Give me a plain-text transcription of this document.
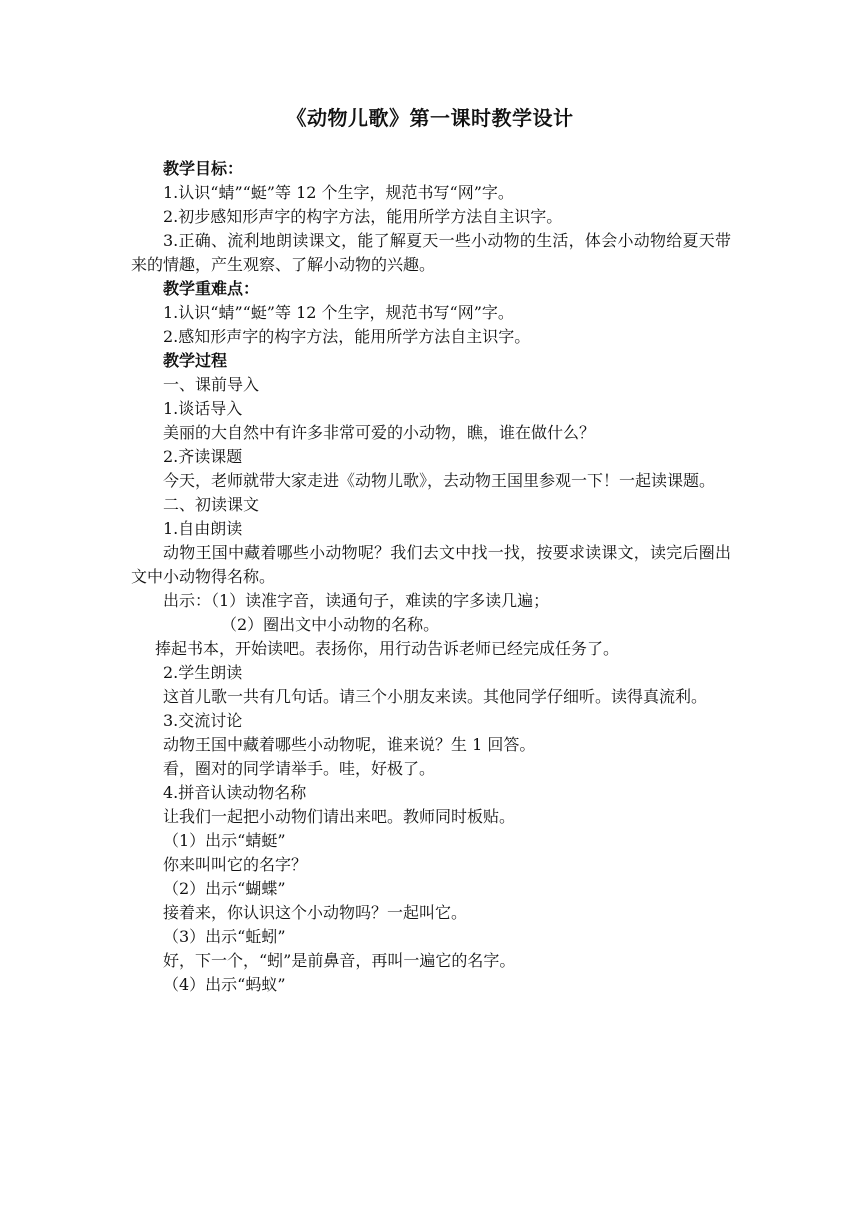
《动物儿歌》第一课时教学设计

教学目标：

1.认识“蜻”“蜓”等 12 个生字，规范书写“网”字。

2.初步感知形声字的构字方法，能用所学方法自主识字。

3.正确、流利地朗读课文，能了解夏天一些小动物的生活，体会小动物给夏天带来的情趣，产生观察、了解小动物的兴趣。

教学重难点：

1.认识“蜻”“蜓”等 12 个生字，规范书写“网”字。

2.感知形声字的构字方法，能用所学方法自主识字。

教学过程

一、课前导入

1.谈话导入

美丽的大自然中有许多非常可爱的小动物，瞧，谁在做什么？

2.齐读课题

今天，老师就带大家走进《动物儿歌》，去动物王国里参观一下！一起读课题。

二、初读课文

1.自由朗读

动物王国中藏着哪些小动物呢？我们去文中找一找，按要求读课文，读完后圈出文中小动物得名称。

出示：（1）读准字音，读通句子，难读的字多读几遍；

（2）圈出文中小动物的名称。

捧起书本，开始读吧。表扬你，用行动告诉老师已经完成任务了。

2.学生朗读

这首儿歌一共有几句话。请三个小朋友来读。其他同学仔细听。读得真流利。

3.交流讨论

动物王国中藏着哪些小动物呢，谁来说？生 1 回答。

看，圈对的同学请举手。哇，好极了。

4.拼音认读动物名称

让我们一起把小动物们请出来吧。教师同时板贴。

（1）出示“蜻蜓”

你来叫叫它的名字？

（2）出示“蝴蝶”

接着来，你认识这个小动物吗？一起叫它。

（3）出示“蚯蚓”

好，下一个，“蚓”是前鼻音，再叫一遍它的名字。

（4）出示“蚂蚁”
